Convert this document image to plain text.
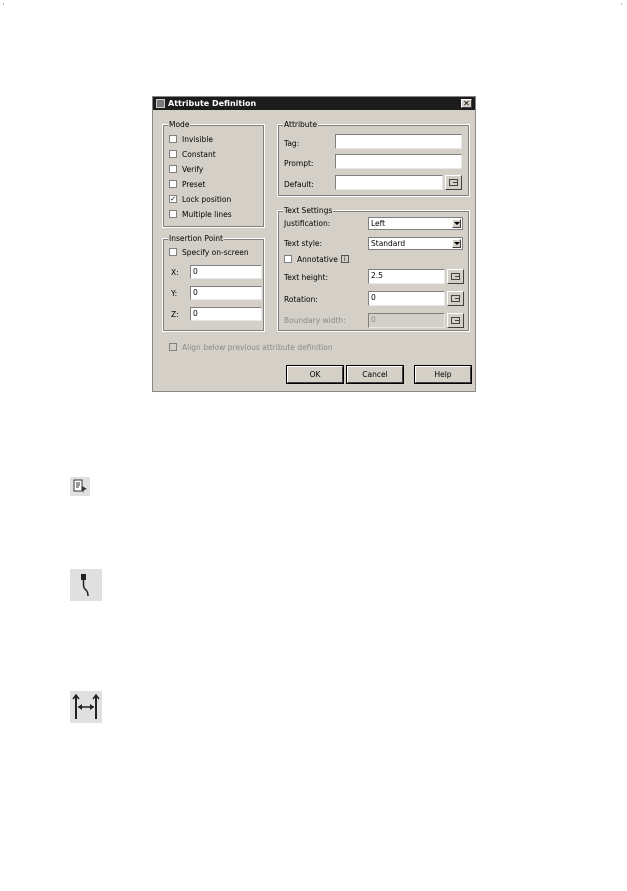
·	·
Attribute Definition	✕
Mode
Invisible
Constant
Verify
Preset
✓ Lock position
Multiple lines
Insertion Point
Specify on-screen
X:	0
Y:	0
Z:	0
Attribute
Tag:
Prompt:
Default:
Text Settings
Justification:	Left
Text style:	Standard
Annotative	i
Text height:	2.5
Rotation:	0
Boundary width:	0
Align below previous attribute definition
OK	Cancel	Help
